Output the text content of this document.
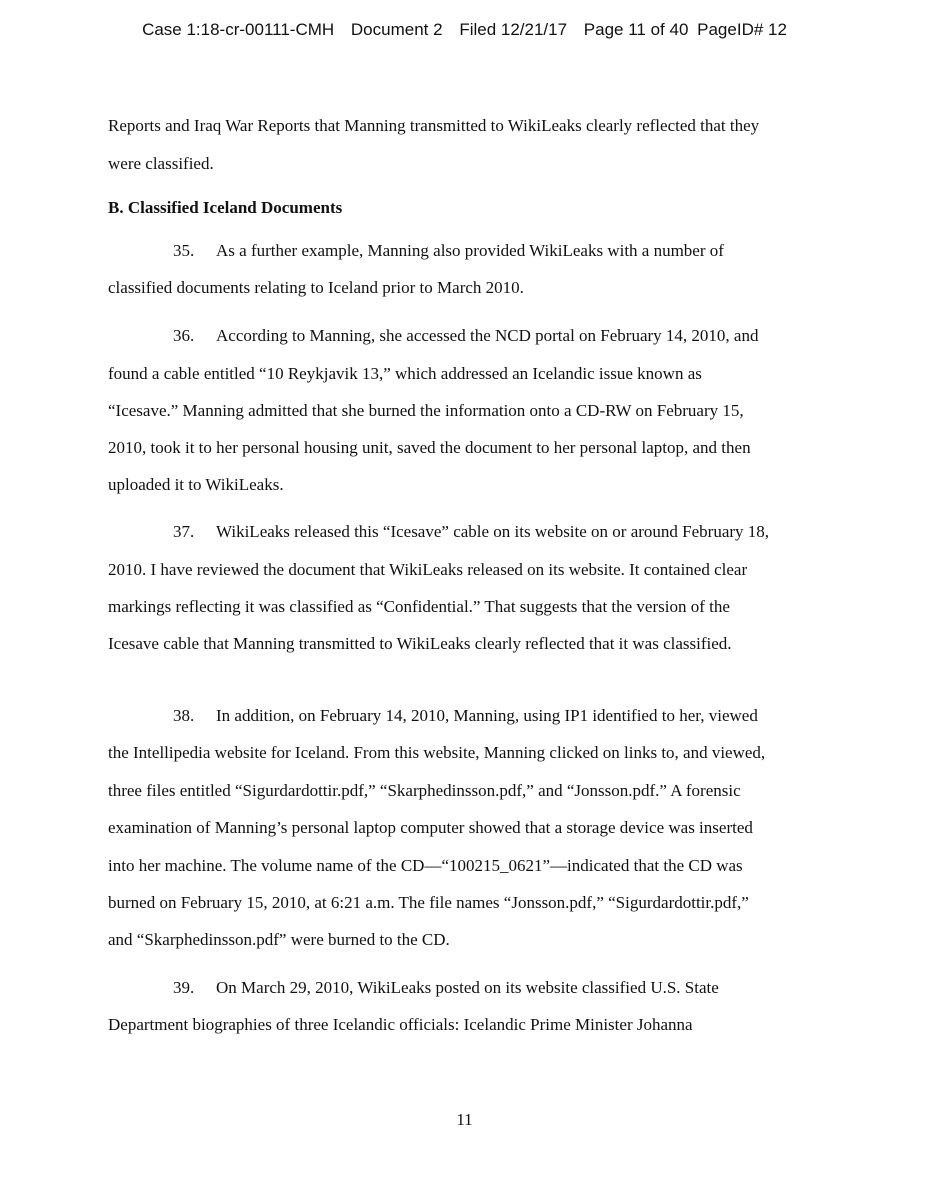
Case 1:18-cr-00111-CMH Document 2 Filed 12/21/17 Page 11 of 40 PageID# 12
Reports and Iraq War Reports that Manning transmitted to WikiLeaks clearly reflected that they
were classified.
B. Classified Iceland Documents
35. As a further example, Manning also provided WikiLeaks with a number of
classified documents relating to Iceland prior to March 2010.
36. According to Manning, she accessed the NCD portal on February 14, 2010, and
found a cable entitled “10 Reykjavik 13,” which addressed an Icelandic issue known as
“Icesave.” Manning admitted that she burned the information onto a CD-RW on February 15,
2010, took it to her personal housing unit, saved the document to her personal laptop, and then
uploaded it to WikiLeaks.
37. WikiLeaks released this “Icesave” cable on its website on or around February 18,
2010. I have reviewed the document that WikiLeaks released on its website. It contained clear
markings reflecting it was classified as “Confidential.” That suggests that the version of the
Icesave cable that Manning transmitted to WikiLeaks clearly reflected that it was classified.
38. In addition, on February 14, 2010, Manning, using IP1 identified to her, viewed
the Intellipedia website for Iceland. From this website, Manning clicked on links to, and viewed,
three files entitled “Sigurdardottir.pdf,” “Skarphedinsson.pdf,” and “Jonsson.pdf.” A forensic
examination of Manning’s personal laptop computer showed that a storage device was inserted
into her machine. The volume name of the CD—“100215_0621”—indicated that the CD was
burned on February 15, 2010, at 6:21 a.m. The file names “Jonsson.pdf,” “Sigurdardottir.pdf,”
and “Skarphedinsson.pdf” were burned to the CD.
39. On March 29, 2010, WikiLeaks posted on its website classified U.S. State
Department biographies of three Icelandic officials: Icelandic Prime Minister Johanna
11
